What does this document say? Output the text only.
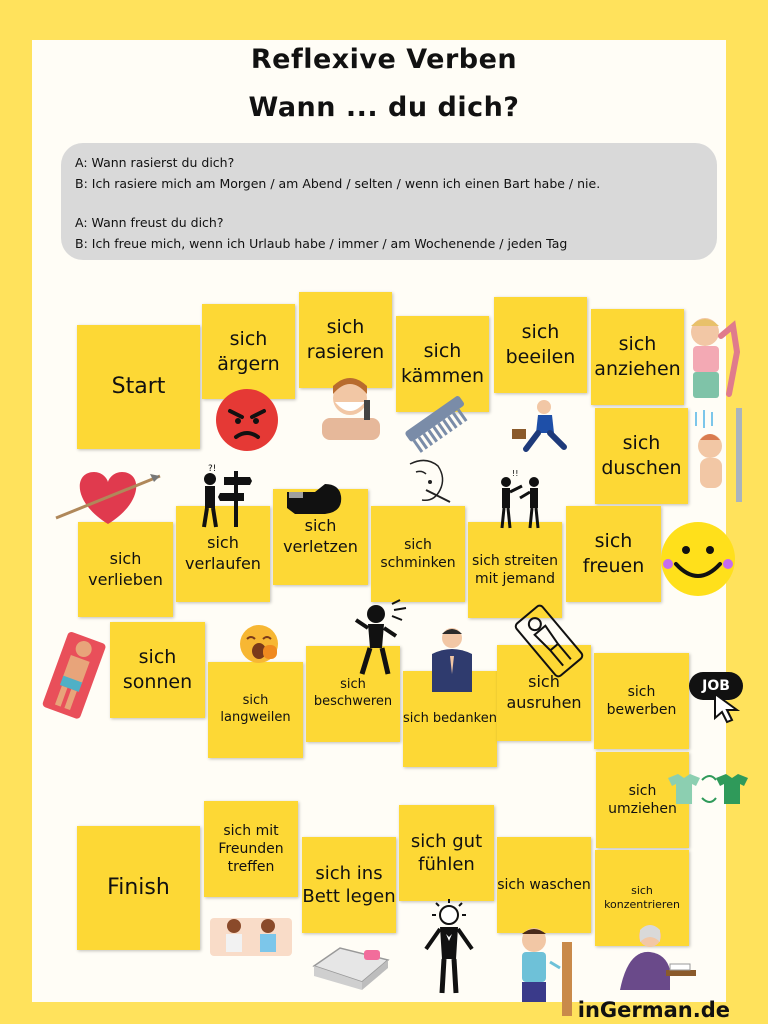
Reflexive Verben
Wann ... du dich?
A: Wann rasierst du dich?
B: Ich rasiere mich am Morgen / am Abend / selten / wenn ich einen Bart habe / nie.
A: Wann freust du dich?
B: Ich freue mich, wenn ich Urlaub habe / immer / am Wochenende / jeden Tag
Start
sich ärgern
sich rasieren	sich kämmen
sich beeilen
sich anziehen
sich duschen
sich verlieben
sich verlaufen
sich verletzen	sich schminken	sich streiten mit jemand
sich freuen
sich sonnen
sich langweilen
sich beschweren
sich bedanken
sich ausruhen
sich bewerben
sich umziehen
Finish
sich mit Freunden treffen	sich ins Bett legen
sich gut fühlen
sich waschen	sich konzentrieren
?!	!!
JOB
inGerman.de
